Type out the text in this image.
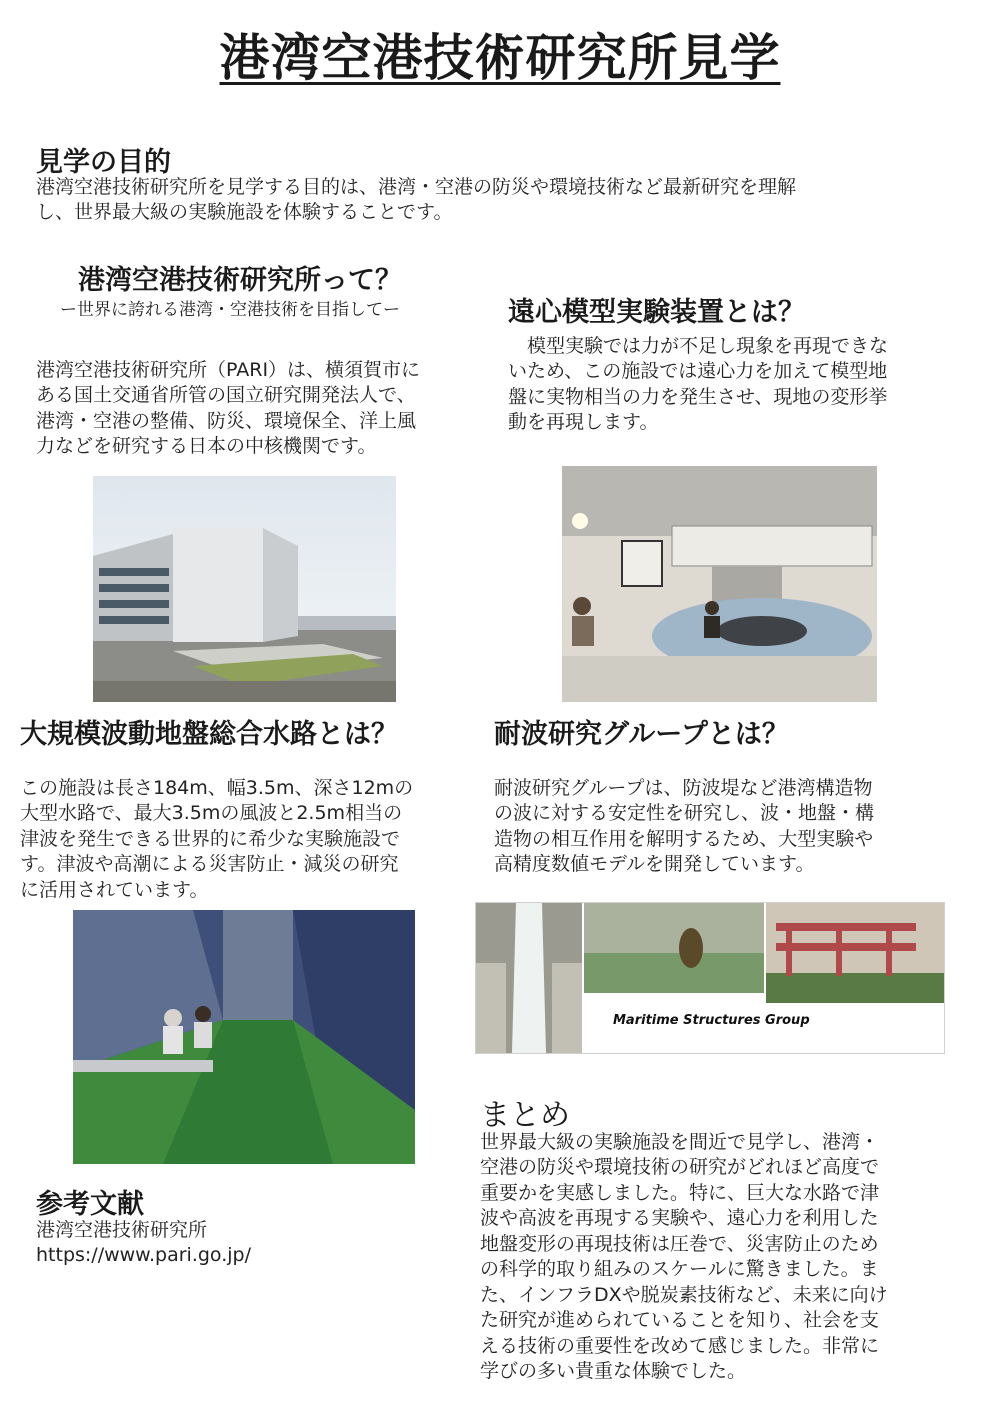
港湾空港技術研究所見学
見学の目的

港湾空港技術研究所を見学する目的は、港湾・空港の防災や環境技術など最新研究を理解

し、世界最大級の実験施設を体験することです。

港湾空港技術研究所って？
ー世界に誇れる港湾・空港技術を目指してー

港湾空港技術研究所（PARI）は、横須賀市に

ある国土交通省所管の国立研究開発法人で、

港湾・空港の整備、防災、環境保全、洋上風

力などを研究する日本の中核機関です。

遠心模型実験装置とは？

模型実験では力が不足し現象を再現できな

いため、この施設では遠心力を加えて模型地

盤に実物相当の力を発生させ、現地の変形挙

動を再現します。

大規模波動地盤総合水路とは？

この施設は長さ184m、幅3.5m、深さ12mの

大型水路で、最大3.5mの風波と2.5m相当の

津波を発生できる世界的に希少な実験施設で

す。津波や高潮による災害防止・減災の研究

に活用されています。

耐波研究グループとは？

耐波研究グループは、防波堤など港湾構造物

の波に対する安定性を研究し、波・地盤・構

造物の相互作用を解明するため、大型実験や

高精度数値モデルを開発しています。

Maritime Structures Group
まとめ

世界最大級の実験施設を間近で見学し、港湾・

空港の防災や環境技術の研究がどれほど高度で

重要かを実感しました。特に、巨大な水路で津

波や高波を再現する実験や、遠心力を利用した

地盤変形の再現技術は圧巻で、災害防止のため

の科学的取り組みのスケールに驚きました。ま

た、インフラDXや脱炭素技術など、未来に向け

た研究が進められていることを知り、社会を支

える技術の重要性を改めて感じました。非常に

学びの多い貴重な体験でした。

参考文献

港湾空港技術研究所

https://www.pari.go.jp/
